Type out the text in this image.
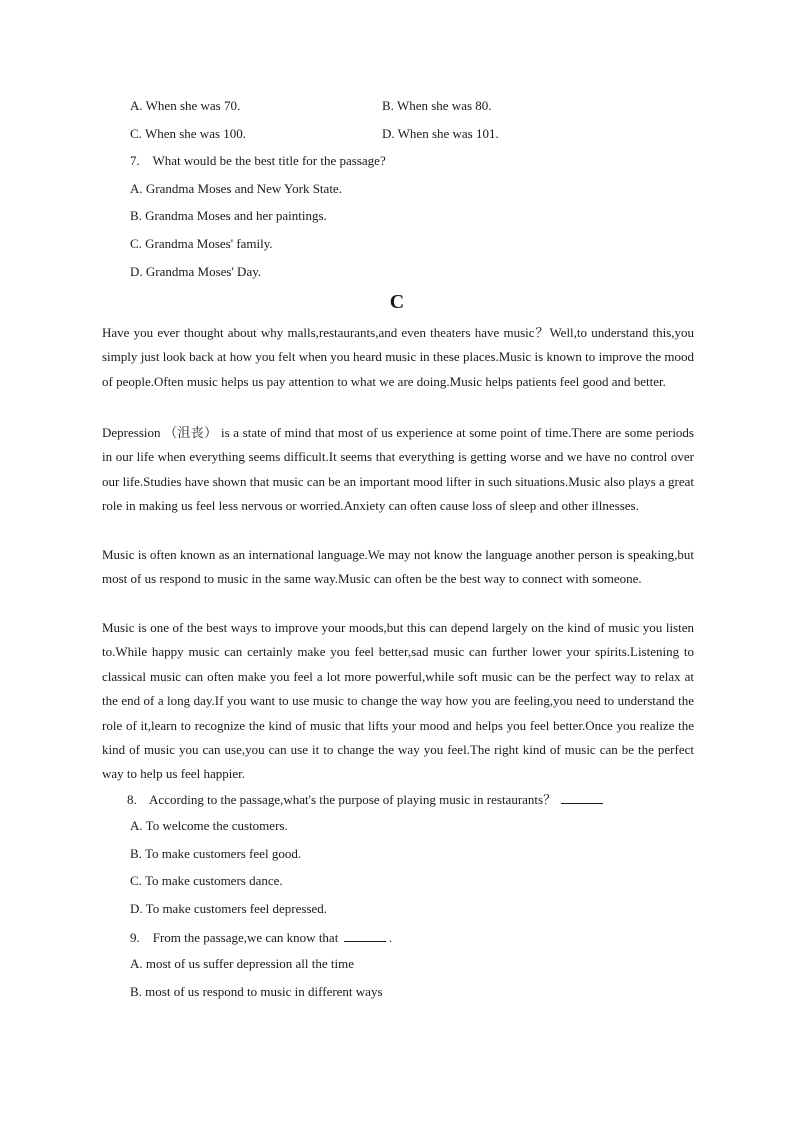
A. When she was 70.	B. When she was 80.
C. When she was 100.	D. When she was 101.
7. What would be the best title for the passage?
A. Grandma Moses and New York State.
B. Grandma Moses and her paintings.
C. Grandma Moses' family.
D. Grandma Moses' Day.
C
Have you ever thought about why malls,restaurants,and even theaters have music？Well,to understand this,you simply just look back at how you felt when you heard music in these places.Music is known to improve the mood of people.Often music helps us pay attention to what we are doing.Music helps patients feel good and better.
Depression （沮丧） is a state of mind that most of us experience at some point of time.There are some periods in our life when everything seems difficult.It seems that everything is getting worse and we have no control over our life.Studies have shown that music can be an important mood lifter in such situations.Music also plays a great role in making us feel less nervous or worried.Anxiety can often cause loss of sleep and other illnesses.
Music is often known as an international language.We may not know the language another person is speaking,but most of us respond to music in the same way.Music can often be the best way to connect with someone.
Music is one of the best ways to improve your moods,but this can depend largely on the kind of music you listen to.While happy music can certainly make you feel better,sad music can further lower your spirits.Listening to classical music can often make you feel a lot more powerful,while soft music can be the perfect way to relax at the end of a long day.If you want to use music to change the way how you are feeling,you need to understand the role of it,learn to recognize the kind of music that lifts your mood and helps you feel better.Once you realize the kind of music you can use,you can use it to change the way you feel.The right kind of music can be the perfect way to help us feel happier.
8. According to the passage,what's the purpose of playing music in restaurants？
A. To welcome the customers.
B. To make customers feel good.
C. To make customers dance.
D. To make customers feel depressed.
9. From the passage,we can know that	.
A. most of us suffer depression all the time
B. most of us respond to music in different ways
